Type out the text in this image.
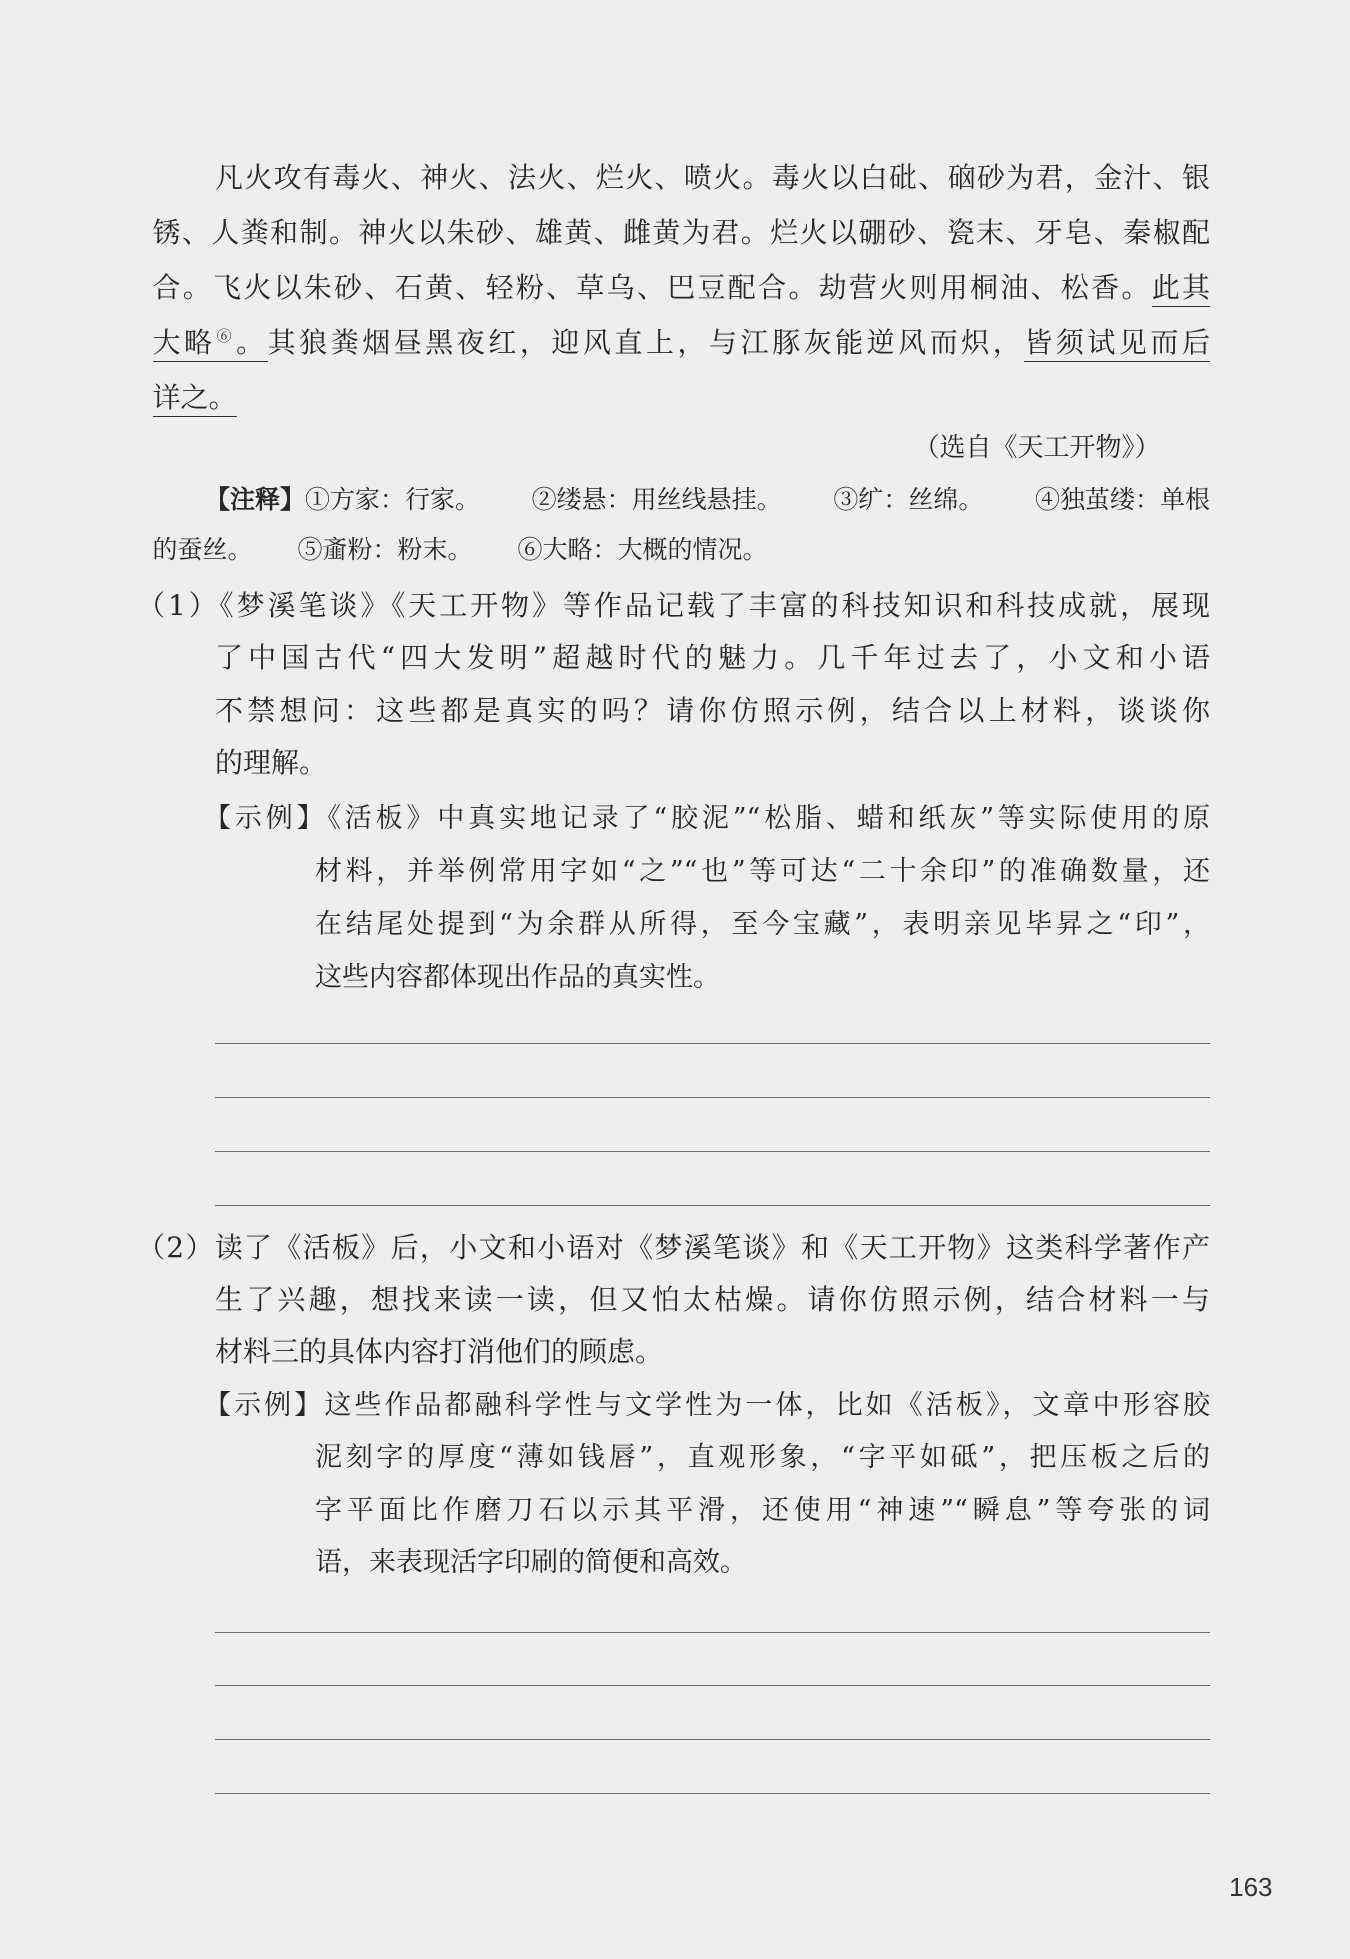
凡火攻有毒火、神火、法火、烂火、喷火。毒火以白砒、硇砂为君，金汁、银
锈、人粪和制。神火以朱砂、雄黄、雌黄为君。烂火以硼砂、瓷末、牙皂、秦椒配
合。飞火以朱砂、石黄、轻粉、草乌、巴豆配合。劫营火则用桐油、松香。此其
大略⑥。其狼粪烟昼黑夜红，迎风直上，与江豚灰能逆风而炽，皆须试见而后
详之。
（选自《天工开物》）
【注释】①方家：行家。 ②缕悬：用丝线悬挂。 ③纩：丝绵。 ④独茧缕：单根
的蚕丝。 ⑤齑粉：粉末。 ⑥大略：大概的情况。
（1）《梦溪笔谈》《天工开物》等作品记载了丰富的科技知识和科技成就，展现
了中国古代“四大发明”超越时代的魅力。几千年过去了，小文和小语
不禁想问：这些都是真实的吗？请你仿照示例，结合以上材料，谈谈你
的理解。
【示例】《活板》中真实地记录了“胶泥”“松脂、蜡和纸灰”等实际使用的原
材料，并举例常用字如“之”“也”等可达“二十余印”的准确数量，还
在结尾处提到“为余群从所得，至今宝藏”，表明亲见毕昇之“印”，
这些内容都体现出作品的真实性。
（2）读了《活板》后，小文和小语对《梦溪笔谈》和《天工开物》这类科学著作产
生了兴趣，想找来读一读，但又怕太枯燥。请你仿照示例，结合材料一与
材料三的具体内容打消他们的顾虑。
【示例】这些作品都融科学性与文学性为一体，比如《活板》，文章中形容胶
泥刻字的厚度“薄如钱唇”，直观形象，“字平如砥”，把压板之后的
字平面比作磨刀石以示其平滑，还使用“神速”“瞬息”等夸张的词
语，来表现活字印刷的简便和高效。
163
